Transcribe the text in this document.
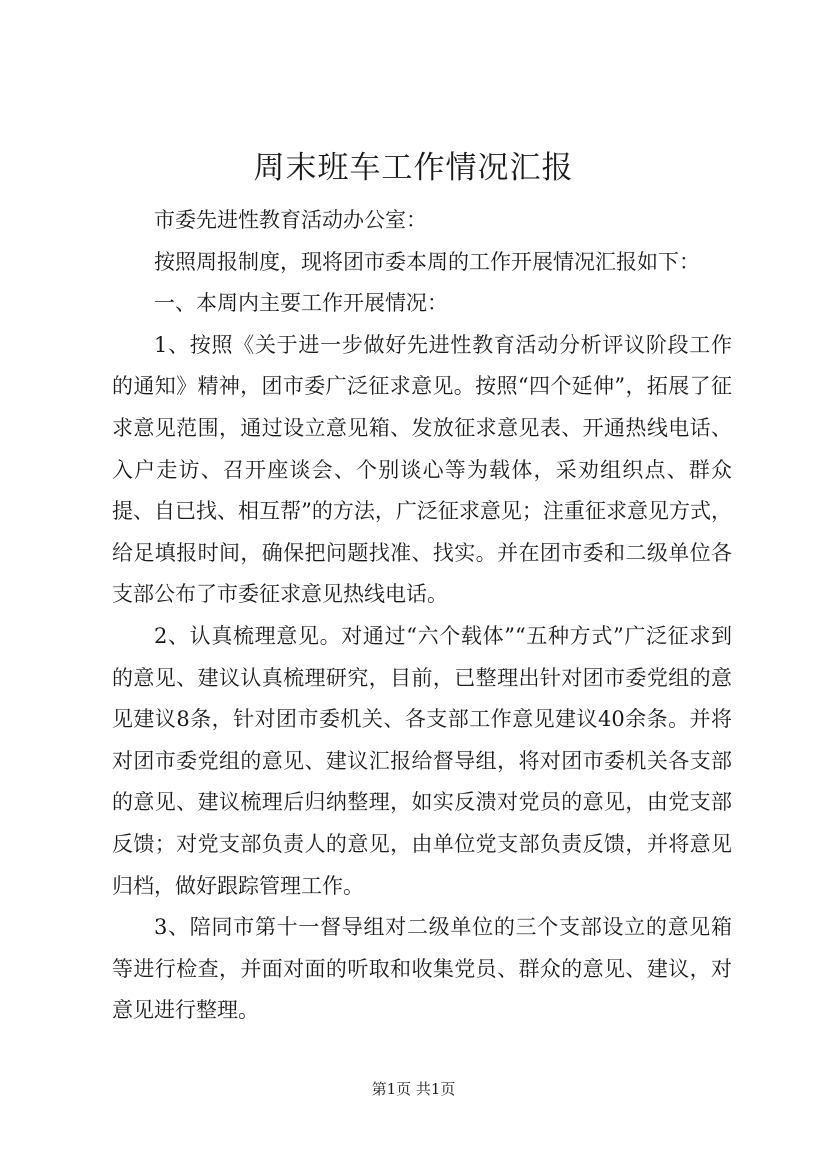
周末班车工作情况汇报

市委先进性教育活动办公室：

按照周报制度，现将团市委本周的工作开展情况汇报如下：

一、本周内主要工作开展情况：

1、按照《关于进一步做好先进性教育活动分析评议阶段工作的通知》精神，团市委广泛征求意见。按照“四个延伸”，拓展了征求意见范围，通过设立意见箱、发放征求意见表、开通热线电话、入户走访、召开座谈会、个别谈心等为载体，采劝组织点、群众提、自已找、相互帮”的方法，广泛征求意见；注重征求意见方式，给足填报时间，确保把问题找准、找实。并在团市委和二级单位各支部公布了市委征求意见热线电话。

2、认真梳理意见。对通过“六个载体”“五种方式”广泛征求到的意见、建议认真梳理研究，目前，已整理出针对团市委党组的意见建议8条，针对团市委机关、各支部工作意见建议40余条。并将对团市委党组的意见、建议汇报给督导组，将对团市委机关各支部的意见、建议梳理后归纳整理，如实反溃对党员的意见，由党支部反馈；对党支部负责人的意见，由单位党支部负责反馈，并将意见归档，做好跟踪管理工作。

3、陪同市第十一督导组对二级单位的三个支部设立的意见箱等进行检查，并面对面的听取和收集党员、群众的意见、建议，对意见进行整理。

第1页 共1页
